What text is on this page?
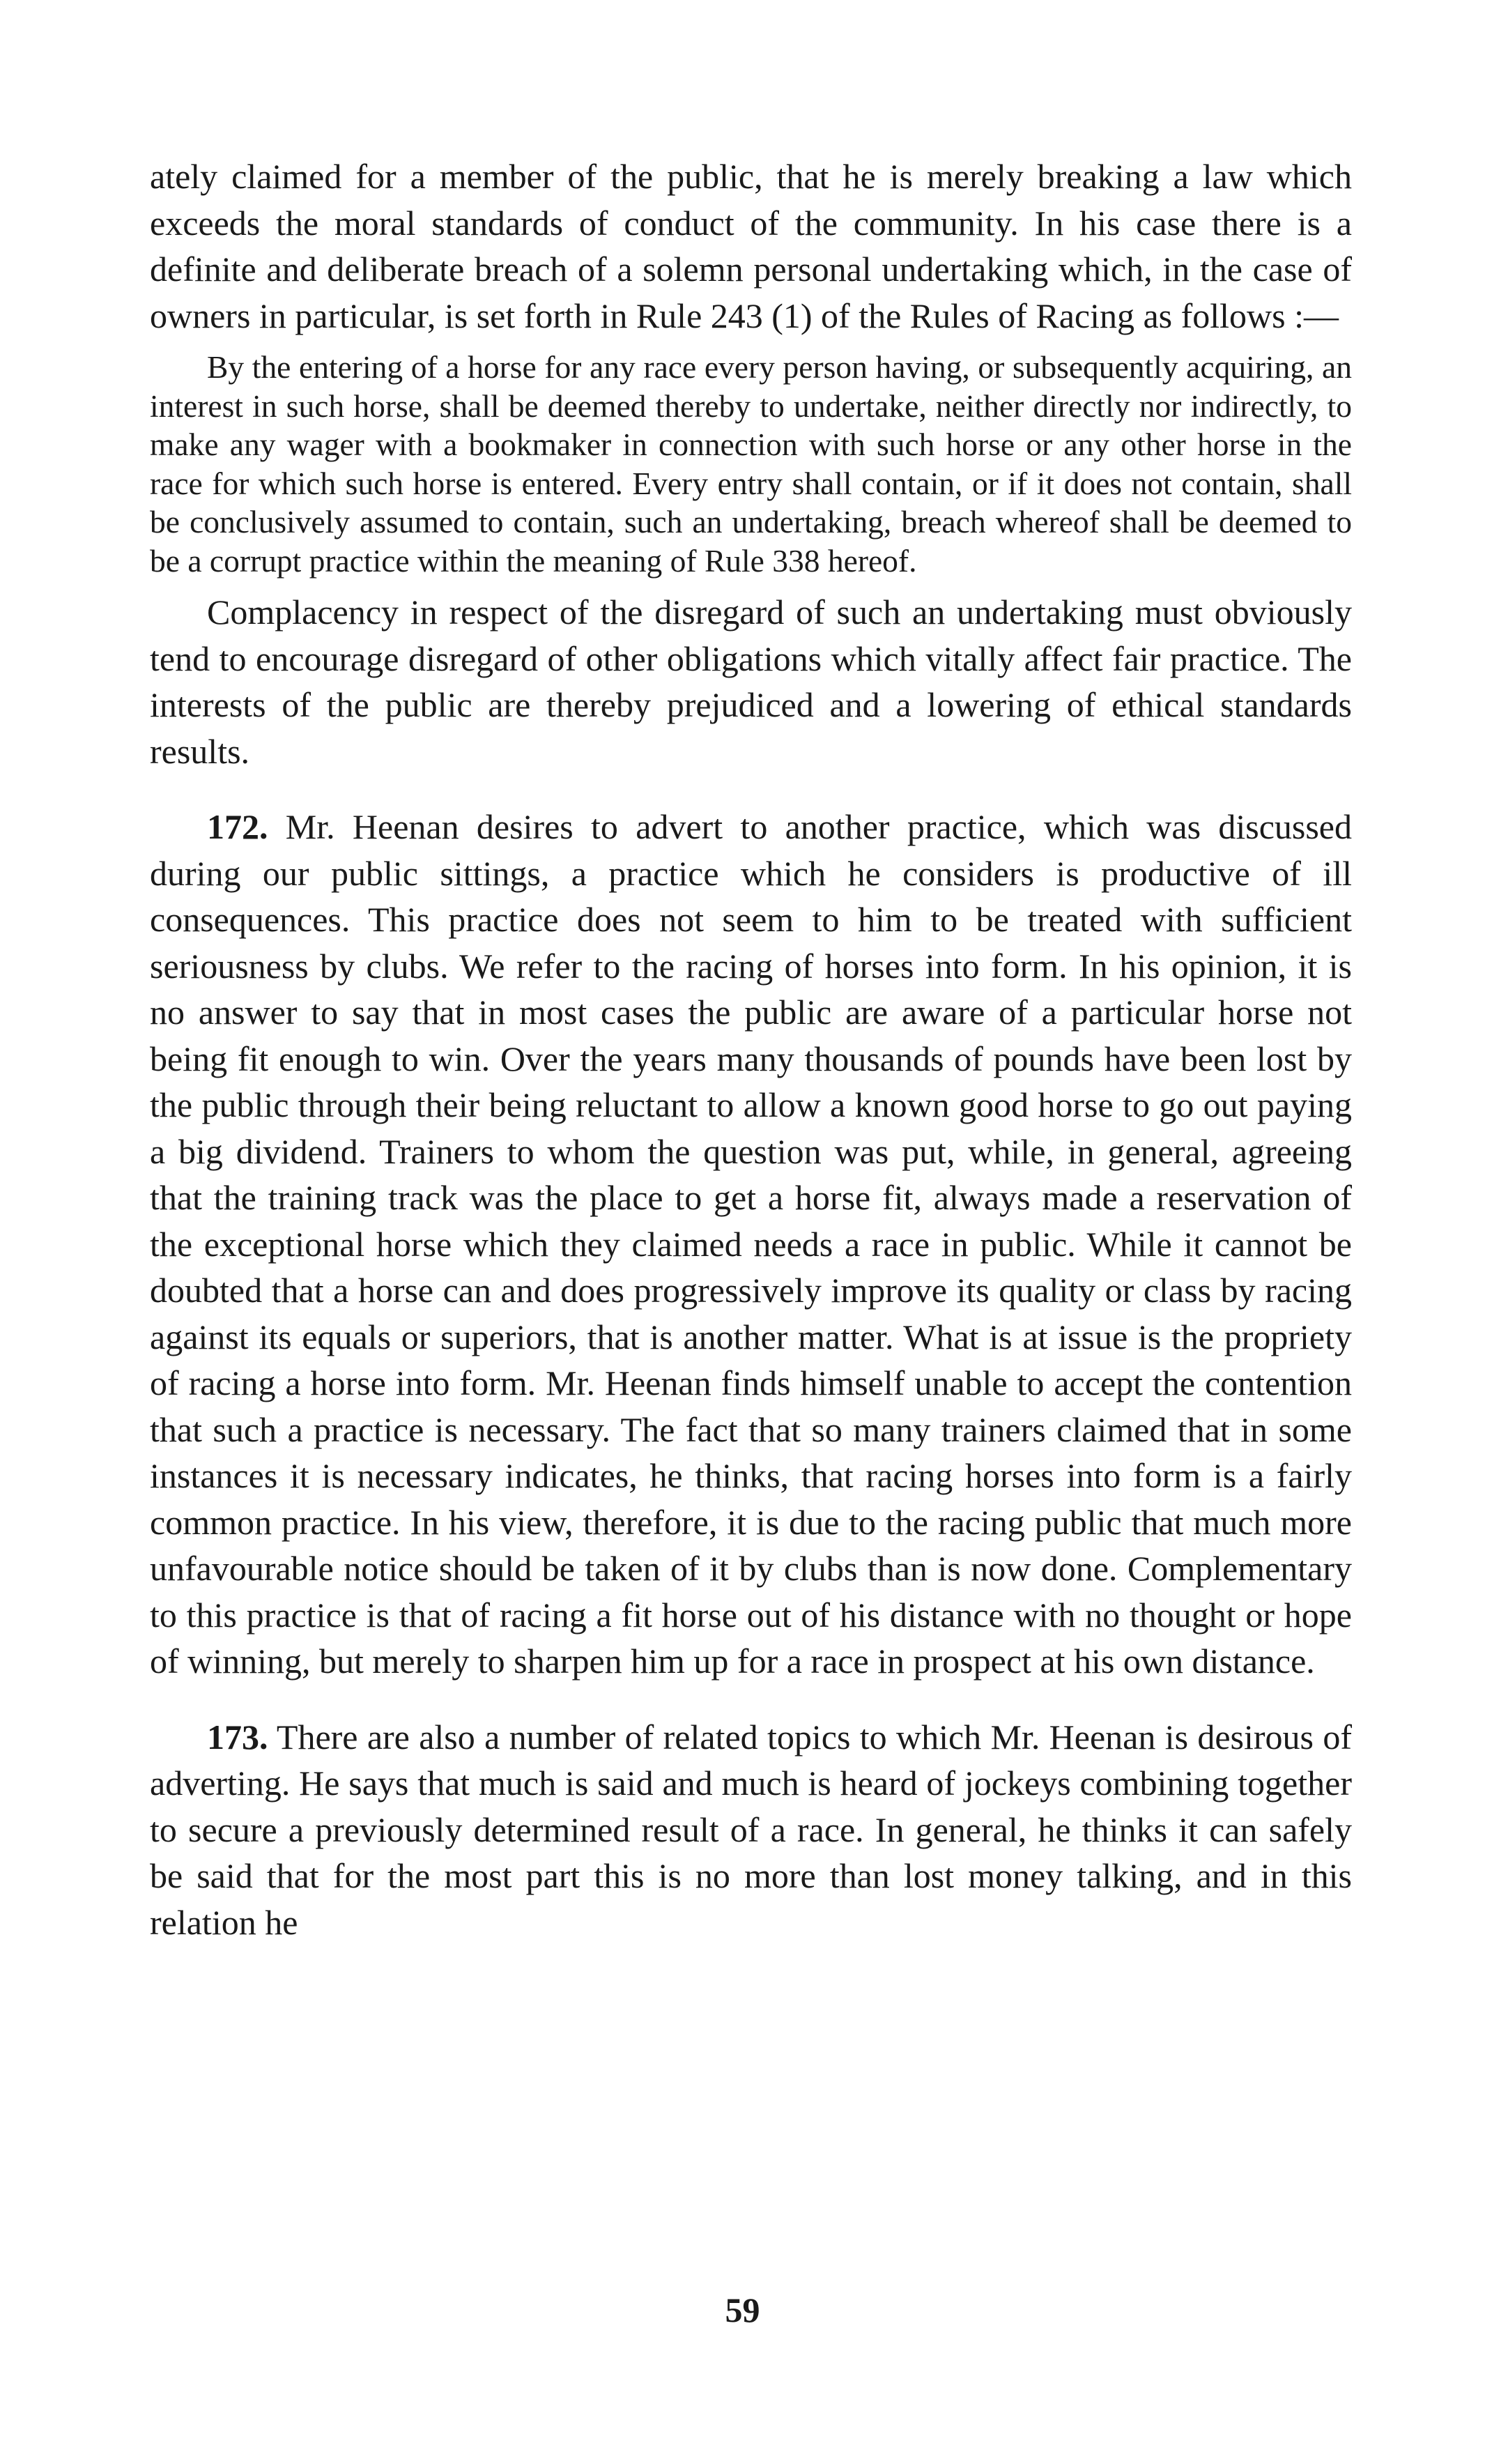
ately claimed for a member of the public, that he is merely breaking a law which exceeds the moral standards of conduct of the community. In his case there is a definite and deliberate breach of a solemn personal undertaking which, in the case of owners in particular, is set forth in Rule 243 (1) of the Rules of Racing as follows :—

By the entering of a horse for any race every person having, or subsequently acquiring, an interest in such horse, shall be deemed thereby to undertake, neither directly nor indirectly, to make any wager with a bookmaker in connection with such horse or any other horse in the race for which such horse is entered. Every entry shall contain, or if it does not contain, shall be conclusively assumed to contain, such an undertaking, breach whereof shall be deemed to be a corrupt practice within the meaning of Rule 338 hereof.

Complacency in respect of the disregard of such an undertaking must obviously tend to encourage disregard of other obligations which vitally affect fair practice. The interests of the public are thereby prejudiced and a lowering of ethical standards results.

172. Mr. Heenan desires to advert to another practice, which was discussed during our public sittings, a practice which he considers is productive of ill consequences. This practice does not seem to him to be treated with sufficient seriousness by clubs. We refer to the racing of horses into form. In his opinion, it is no answer to say that in most cases the public are aware of a particular horse not being fit enough to win. Over the years many thousands of pounds have been lost by the public through their being reluctant to allow a known good horse to go out paying a big dividend. Trainers to whom the question was put, while, in general, agreeing that the training track was the place to get a horse fit, always made a reservation of the exceptional horse which they claimed needs a race in public. While it cannot be doubted that a horse can and does progressively improve its quality or class by racing against its equals or superiors, that is another matter. What is at issue is the propriety of racing a horse into form. Mr. Heenan finds himself unable to accept the contention that such a practice is necessary. The fact that so many trainers claimed that in some instances it is necessary indicates, he thinks, that racing horses into form is a fairly common practice. In his view, therefore, it is due to the racing public that much more unfavourable notice should be taken of it by clubs than is now done. Complementary to this practice is that of racing a fit horse out of his distance with no thought or hope of winning, but merely to sharpen him up for a race in prospect at his own distance.

173. There are also a number of related topics to which Mr. Heenan is desirous of adverting. He says that much is said and much is heard of jockeys combining together to secure a previously determined result of a race. In general, he thinks it can safely be said that for the most part this is no more than lost money talking, and in this relation he

59
